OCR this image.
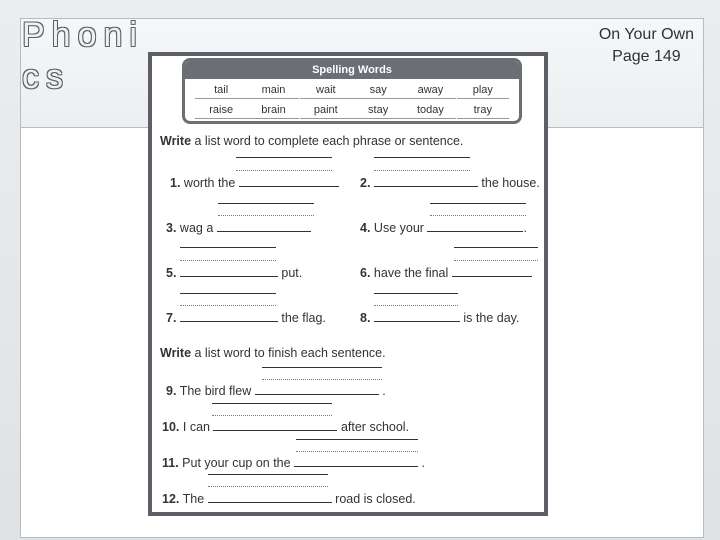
Phonics
On Your Own
Page 149
Spelling Words
tail	main	wait	say	away	play
raise	brain	paint	stay	today	tray
Write a list word to complete each phrase or sentence.
1. worth the	2.	the house.
3. wag a	4. Use your	.
5.	put.	6. have the final
7.	the flag.	8.	is the day.
Write a list word to finish each sentence.
9. The bird flew	.
10. I can	after school.
11. Put your cup on the	.
12. The	road is closed.
